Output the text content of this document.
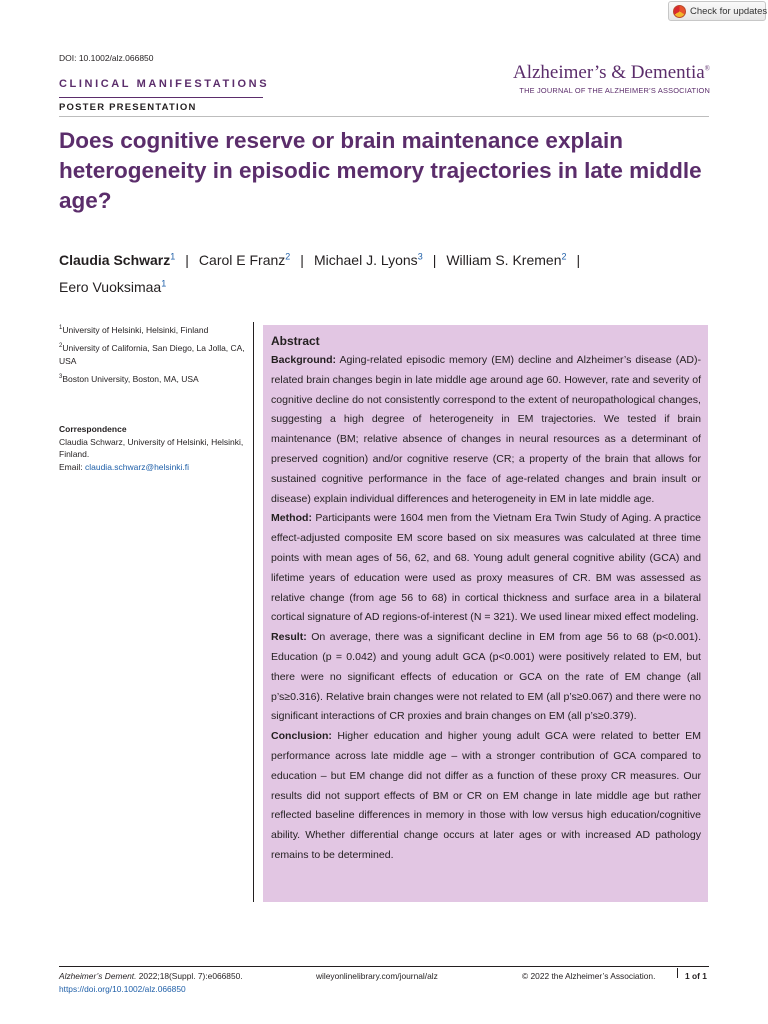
Check for updates
DOI: 10.1002/alz.066850
CLINICAL MANIFESTATIONS
POSTER PRESENTATION
Alzheimer’s & Dementia®
THE JOURNAL OF THE ALZHEIMER’S ASSOCIATION
Does cognitive reserve or brain maintenance explain heterogeneity in episodic memory trajectories in late middle age?
Claudia Schwarz$^1$ | Carol E Franz$^2$ | Michael J. Lyons$^3$ | William S. Kremen$^2$ |
Eero Vuoksimaa$^1$
$^1$University of Helsinki, Helsinki, Finland
$^2$University of California, San Diego, La Jolla, CA, USA
$^3$Boston University, Boston, MA, USA
Correspondence
Claudia Schwarz, University of Helsinki, Helsinki, Finland.
Email: claudia.schwarz@helsinki.fi
Abstract

Background: Aging-related episodic memory (EM) decline and Alzheimer’s disease (AD)-related brain changes begin in late middle age around age 60. However, rate and severity of cognitive decline do not consistently correspond to the extent of neuropathological changes, suggesting a high degree of heterogeneity in EM trajectories. We tested if brain maintenance (BM; relative absence of changes in neural resources as a determinant of preserved cognition) and/or cognitive reserve (CR; a property of the brain that allows for sustained cognitive performance in the face of age-related changes and brain insult or disease) explain individual differences and heterogeneity in EM in late middle age.

Method: Participants were 1604 men from the Vietnam Era Twin Study of Aging. A practice effect-adjusted composite EM score based on six measures was calculated at three time points with mean ages of 56, 62, and 68. Young adult general cognitive ability (GCA) and lifetime years of education were used as proxy measures of CR. BM was assessed as relative change (from age 56 to 68) in cortical thickness and surface area in a bilateral cortical signature of AD regions-of-interest (N = 321). We used linear mixed effect modeling.

Result: On average, there was a significant decline in EM from age 56 to 68 (p<0.001). Education (p = 0.042) and young adult GCA (p<0.001) were positively related to EM, but there were no significant effects of education or GCA on the rate of EM change (all p’s≥0.316). Relative brain changes were not related to EM (all p’s≥0.067) and there were no significant interactions of CR proxies and brain changes on EM (all p’s≥0.379).

Conclusion: Higher education and higher young adult GCA were related to better EM performance across late middle age – with a stronger contribution of GCA compared to education – but EM change did not differ as a function of these proxy CR measures. Our results did not support effects of BM or CR on EM change in late middle age but rather reflected baseline differences in memory in those with low versus high education/cognitive ability. Whether differential change occurs at later ages or with increased AD pathology remains to be determined.

Alzheimer’s Dement. 2022;18(Suppl. 7):e066850.
https://doi.org/10.1002/alz.066850
wileyonlinelibrary.com/journal/alz	© 2022 the Alzheimer’s Association.	1 of 1
